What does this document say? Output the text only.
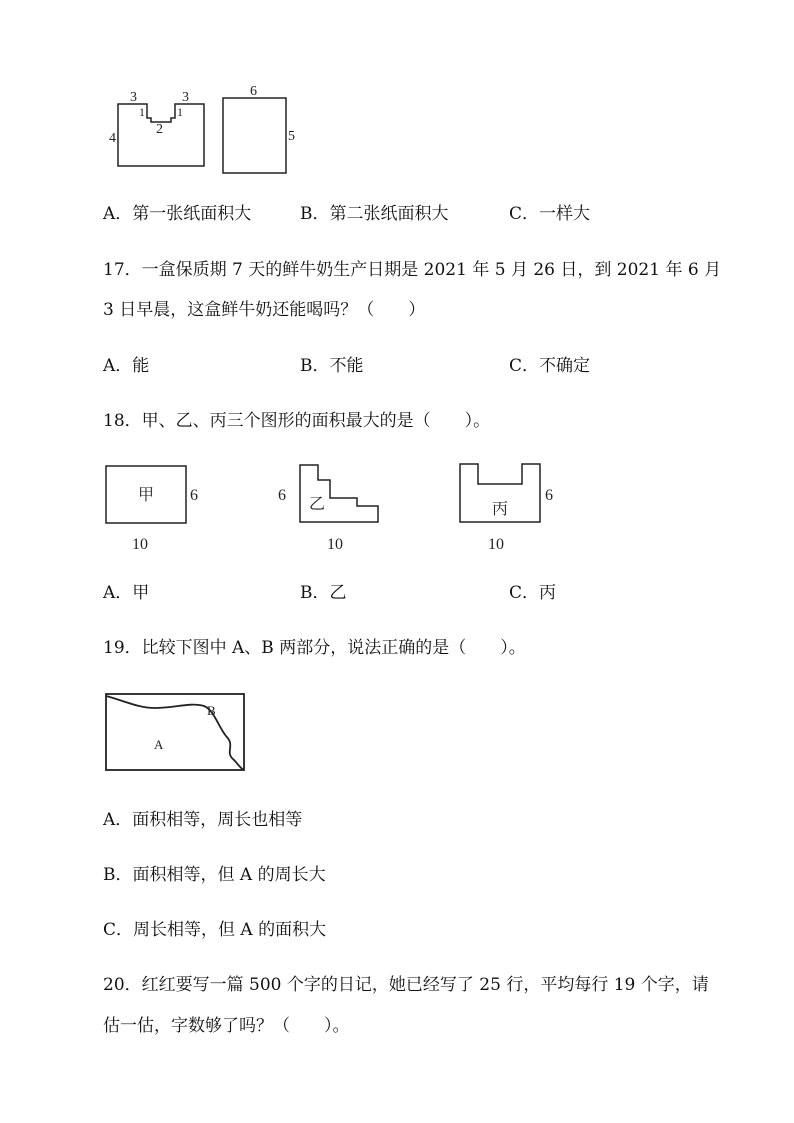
3	3
1	1
2
4
6
5
A．第一张纸面积大	B．第二张纸面积大	C．一样大
17．一盒保质期 7 天的鲜牛奶生产日期是 2021 年 5 月 26 日，到 2021 年 6 月
3 日早晨，这盒鲜牛奶还能喝吗？（　　）
A．能	B．不能	C．不确定
18．甲、乙、丙三个图形的面积最大的是（　　）。
甲 6
10
乙
6
10
丙
6
10
A．甲	B．乙	C．丙
19．比较下图中 A、B 两部分，说法正确的是（　　）。
A
B
A．面积相等，周长也相等
B．面积相等，但 A 的周长大
C．周长相等，但 A 的面积大
20．红红要写一篇 500 个字的日记，她已经写了 25 行，平均每行 19 个字，请
估一估，字数够了吗？（　　）。
